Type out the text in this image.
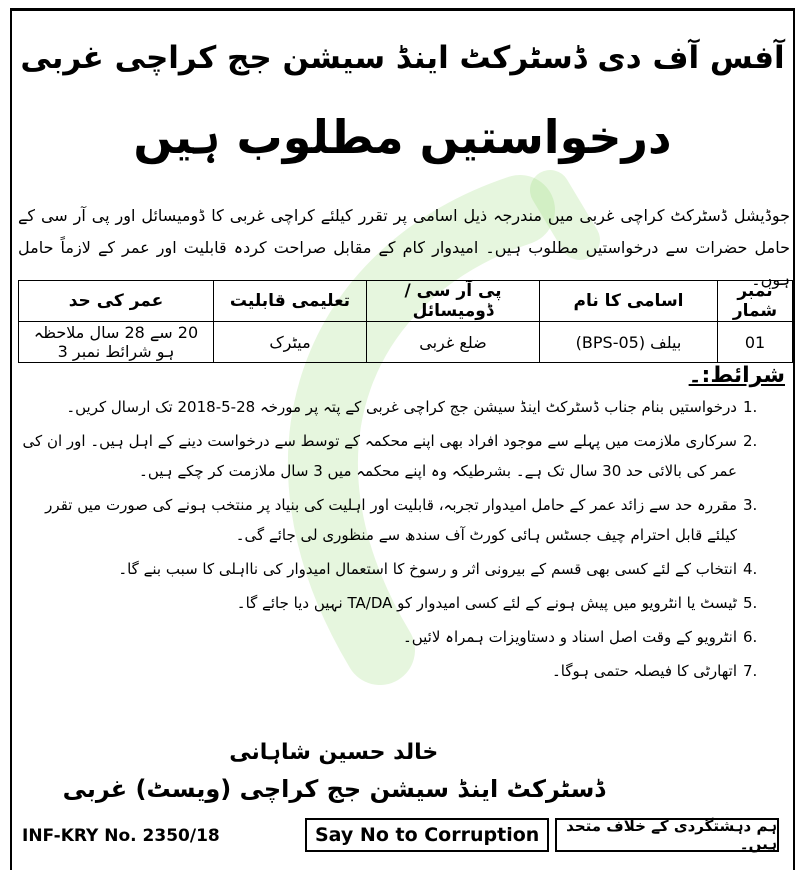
آفس آف دی ڈسٹرکٹ اینڈ سیشن جج کراچی غربی
درخواستیں مطلوب ہیں
جوڈیشل ڈسٹرکٹ کراچی غربی میں مندرجہ ذیل اسامی پر تقرر کیلئے کراچی غربی کا ڈومیسائل اور پی آر سی کے حامل حضرات سے درخواستیں مطلوب ہیں۔ امیدوار کام کے مقابل صراحت کردہ قابلیت اور عمر کے لازماً حامل ہوں۔
نمبر شمار	اسامی کا نام	پی آر سی / ڈومیسائل	تعلیمی قابلیت	عمر کی حد
01	بیلف (BPS-05)	ضلع غربی	میٹرک	20 سے 28 سال ملاحظہ ہو شرائط نمبر 3
شرائط:۔
1.
درخواستیں بنام جناب ڈسٹرکٹ اینڈ سیشن جج کراچی غربی کے پتہ پر مورخہ 28-5-2018 تک ارسال کریں۔
2.
سرکاری ملازمت میں پہلے سے موجود افراد بھی اپنے محکمہ کے توسط سے درخواست دینے کے اہل ہیں۔ اور ان کی عمر کی بالائی حد 30 سال تک ہے۔ بشرطیکہ وہ اپنے محکمہ میں 3 سال ملازمت کر چکے ہیں۔
3.
مقررہ حد سے زائد عمر کے حامل امیدوار تجربہ، قابلیت اور اہلیت کی بنیاد پر منتخب ہونے کی صورت میں تقرر کیلئے قابل احترام چیف جسٹس ہائی کورٹ آف سندھ سے منظوری لی جائے گی۔
4.
انتخاب کے لئے کسی بھی قسم کے بیرونی اثر و رسوخ کا استعمال امیدوار کی نااہلی کا سبب بنے گا۔
5.
ٹیسٹ یا انٹرویو میں پیش ہونے کے لئے کسی امیدوار کو TA/DA نہیں دیا جائے گا۔
6.
انٹرویو کے وقت اصل اسناد و دستاویزات ہمراہ لائیں۔
7.
اتھارٹی کا فیصلہ حتمی ہوگا۔
خالد حسین شاہانی
ڈسٹرکٹ اینڈ سیشن جج کراچی (ویسٹ) غربی
INF-KRY No. 2350/18	Say No to Corruption	ہم دہشتگردی کے خلاف متحد ہیں۔
